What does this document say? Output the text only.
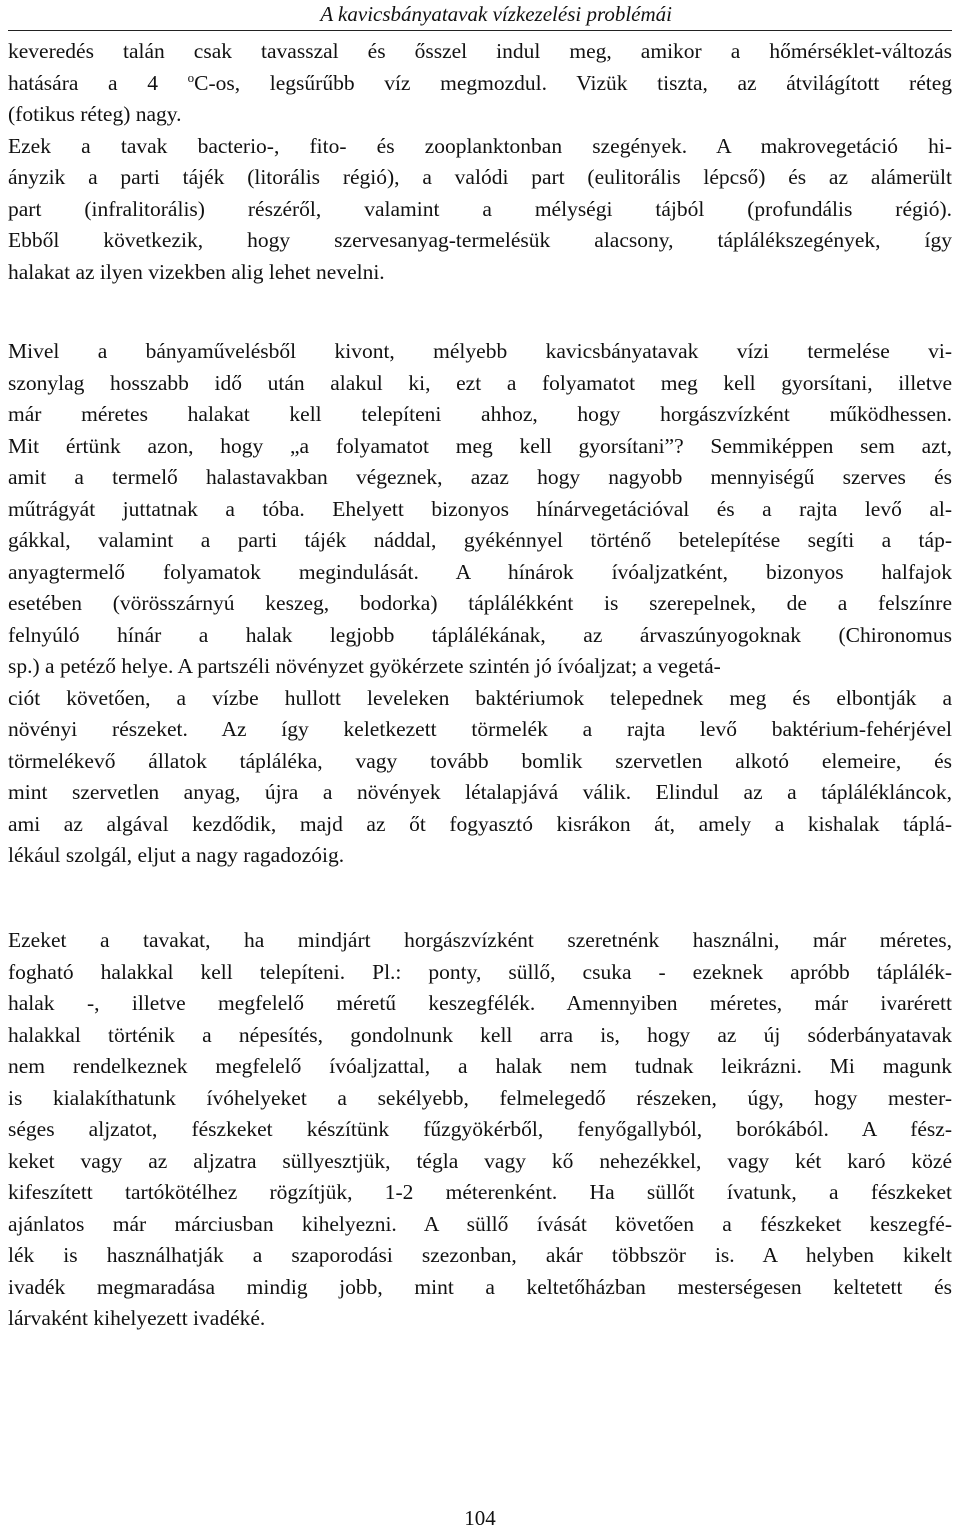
A kavicsbányatavak vízkezelési problémái
keveredés talán csak tavasszal és ősszel indul meg, amikor a hőmérséklet-változás
hatására a 4 $^o$C-os, legsűrűbb víz megmozdul. Vizük tiszta, az átvilágított réteg
(fotikus réteg) nagy.
Ezek a tavak bacterio-, fito- és zooplanktonban szegények. A makrovegetáció hi-
ányzik a parti tájék (litorális régió), a valódi part (eulitorális lépcső) és az alámerült
part (infralitorális) részéről, valamint a mélységi tájból (profundális régió).
Ebből következik, hogy szervesanyag-termelésük alacsony, táplálékszegények, így
halakat az ilyen vizekben alig lehet nevelni.
Mivel a bányaművelésből kivont, mélyebb kavicsbányatavak vízi termelése vi-
szonylag hosszabb idő után alakul ki, ezt a folyamatot meg kell gyorsítani, illetve
már méretes halakat kell telepíteni ahhoz, hogy horgászvízként működhessen.
Mit értünk azon, hogy „a folyamatot meg kell gyorsítani”? Semmiképpen sem azt,
amit a termelő halastavakban végeznek, azaz hogy nagyobb mennyiségű szerves és
műtrágyát juttatnak a tóba. Ehelyett bizonyos hínárvegetációval és a rajta levő al-
gákkal, valamint a parti tájék náddal, gyékénnyel történő betelepítése segíti a táp-
anyagtermelő folyamatok megindulását. A hínárok ívóaljzatként, bizonyos halfajok
esetében (vörösszárnyú keszeg, bodorka) táplálékként is szerepelnek, de a felszínre
felnyúló hínár a halak legjobb táplálékának, az árvaszúnyogoknak (Chironomus
sp.) a petéző helye. A partszéli növényzet gyökérzete szintén jó ívóaljzat; a vegetá-
ciót követően, a vízbe hullott leveleken baktériumok telepednek meg és elbontják a
növényi részeket. Az így keletkezett törmelék a rajta levő baktérium-fehérjével
törmelékevő állatok tápláléka, vagy tovább bomlik szervetlen alkotó elemeire, és
mint szervetlen anyag, újra a növények létalapjává válik. Elindul az a táplálékláncok,
ami az algával kezdődik, majd az őt fogyasztó kisrákon át, amely a kishalak táplá-
lékául szolgál, eljut a nagy ragadozóig.
Ezeket a tavakat, ha mindjárt horgászvízként szeretnénk használni, már méretes,
fogható halakkal kell telepíteni. Pl.: ponty, süllő, csuka - ezeknek apróbb táplálék-
halak -, illetve megfelelő méretű keszegfélék. Amennyiben méretes, már ivarérett
halakkal történik a népesítés, gondolnunk kell arra is, hogy az új sóderbányatavak
nem rendelkeznek megfelelő ívóaljzattal, a halak nem tudnak leikrázni. Mi magunk
is kialakíthatunk ívóhelyeket a sekélyebb, felmelegedő részeken, úgy, hogy mester-
séges aljzatot, fészkeket készítünk fűzgyökérből, fenyőgallyból, borókából. A fész-
keket vagy az aljzatra süllyesztjük, tégla vagy kő nehezékkel, vagy két karó közé
kifeszített tartókötélhez rögzítjük, 1-2 méterenként. Ha süllőt ívatunk, a fészkeket
ajánlatos már márciusban kihelyezni. A süllő ívását követően a fészkeket keszegfé-
lék is használhatják a szaporodási szezonban, akár többször is. A helyben kikelt
ivadék megmaradása mindig jobb, mint a keltetőházban mesterségesen keltetett és
lárvaként kihelyezett ivadéké.
104
